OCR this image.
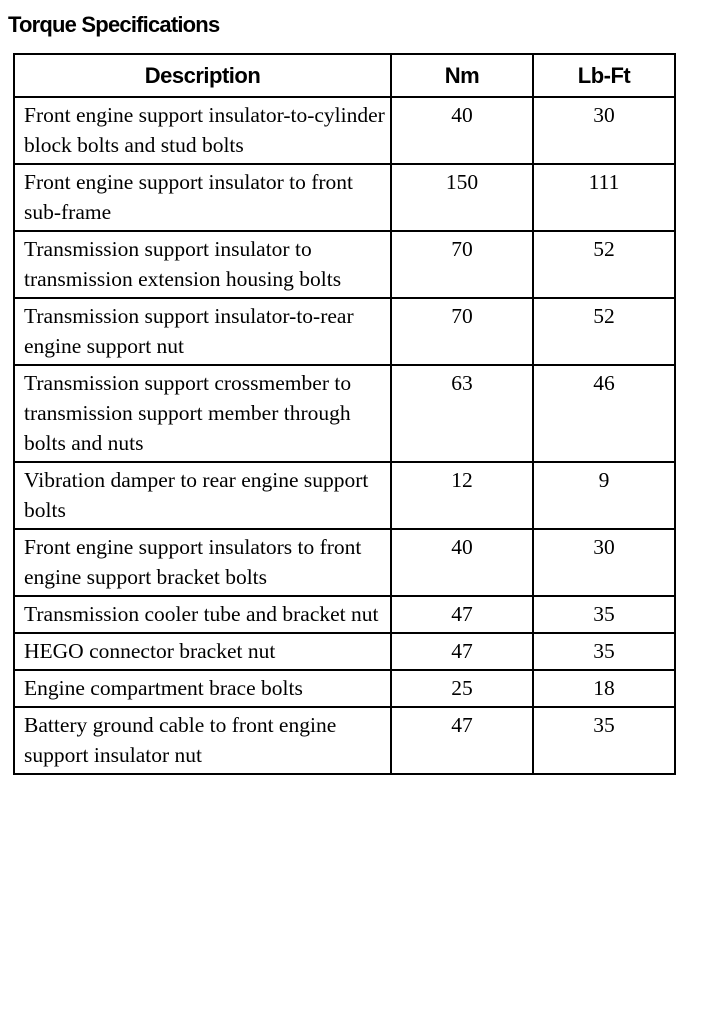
Torque Specifications
Description	Nm	Lb-Ft
Front engine support insulator-to-cylinder block bolts and stud bolts	40	30
Front engine support insulator to front sub-frame	150	111
Transmission support insulator to transmission extension housing bolts	70	52
Transmission support insulator-to-rear engine support nut	70	52
Transmission support crossmember to transmission support member through bolts and nuts	63	46
Vibration damper to rear engine support bolts	12	9
Front engine support insulators to front engine support bracket bolts	40	30
Transmission cooler tube and bracket nut	47	35
HEGO connector bracket nut	47	35
Engine compartment brace bolts	25	18
Battery ground cable to front engine support insulator nut	47	35
